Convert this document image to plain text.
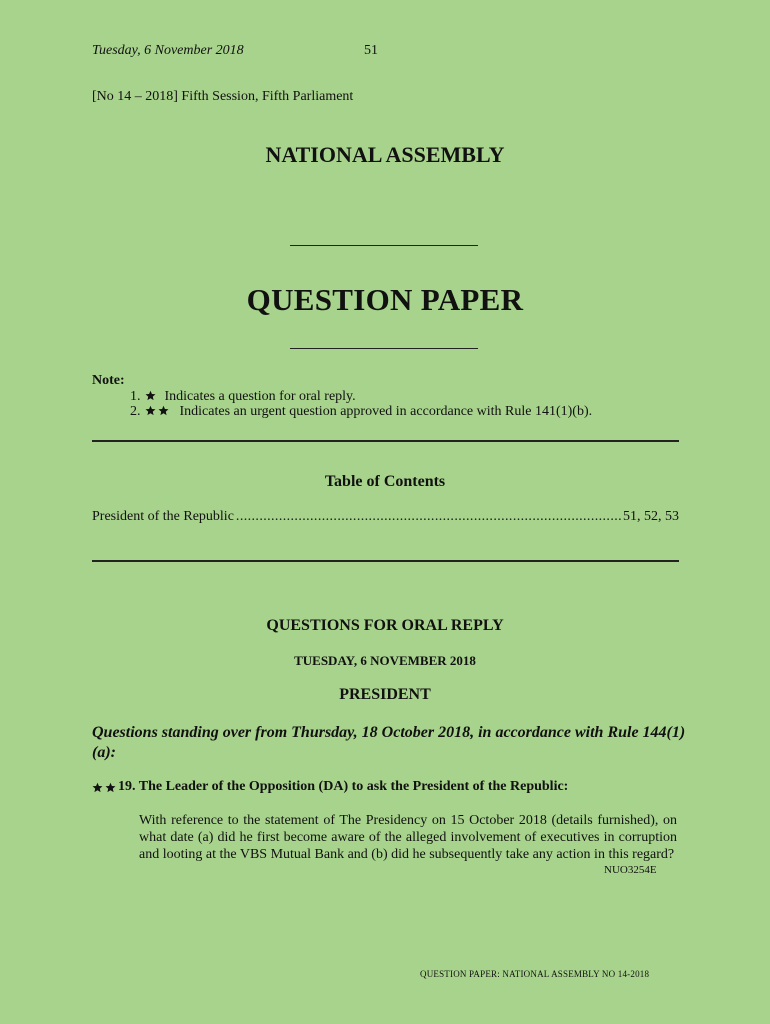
Tuesday, 6 November 2018	51
[No 14 – 2018] Fifth Session, Fifth Parliament
NATIONAL ASSEMBLY
QUESTION PAPER
Note:
1. Indicates a question for oral reply.
2.	Indicates an urgent question approved in accordance with Rule 141(1)(b).
Table of Contents
President of the Republic
.....	51, 52, 53
QUESTIONS FOR ORAL REPLY
TUESDAY, 6 NOVEMBER 2018
PRESIDENT
Questions standing over from Thursday, 18 October 2018, in accordance with Rule 144(1)(a):
19. The Leader of the Opposition (DA) to ask the President of the Republic:
With reference to the statement of The Presidency on 15 October 2018 (details furnished), on what date (a) did he first become aware of the alleged involvement of executives in corruption and looting at the VBS Mutual Bank and (b) did he subsequently take any action in this regard?
NUO3254E
QUESTION PAPER: NATIONAL ASSEMBLY NO 14-2018
